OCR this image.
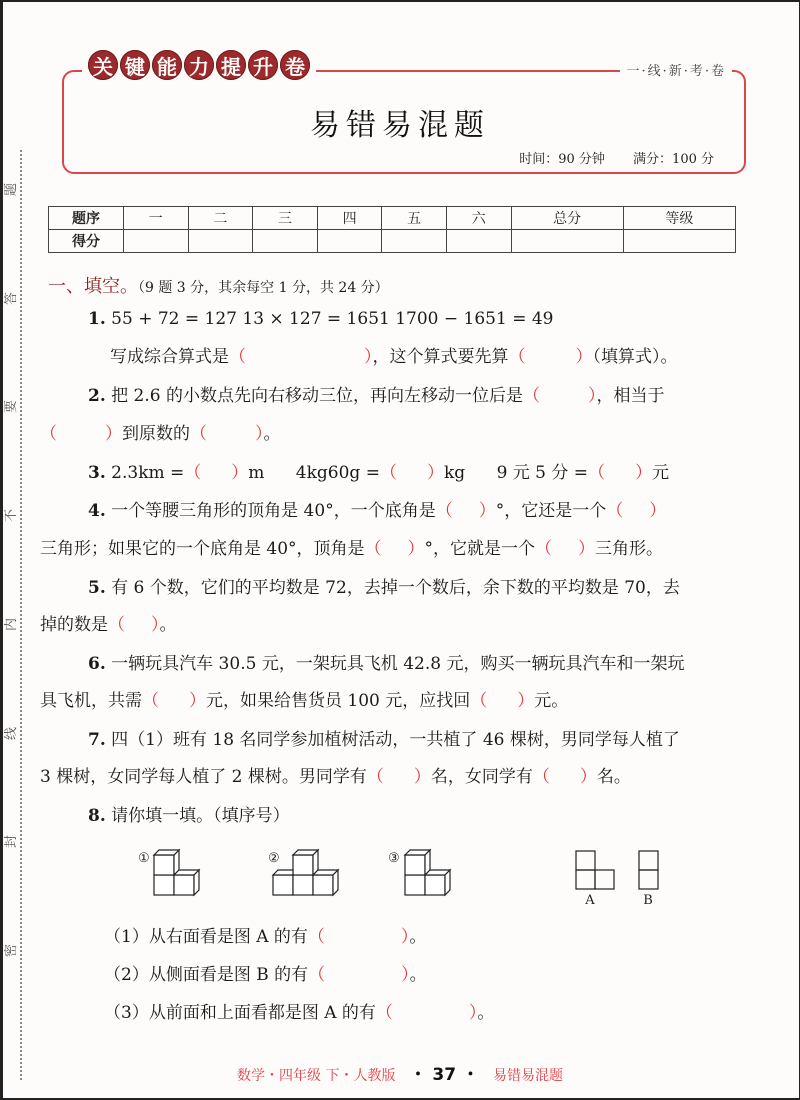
题
答
要
不
内
线
封
密
关 键 能 力 提 升 卷	一·线·新·考·卷
易错易混题
时间：90 分钟 满分：100 分
题序	一	二	三	四	五	六	总分	等级
得分								
一、填空。（9 题 3 分，其余每空 1 分，共 24 分）
1. 55 + 72 = 127 13 × 127 = 1651 1700 − 1651 = 49
写成综合算式是（	），这个算式要先算（	）（填算式）。
2. 把 2.6 的小数点先向右移动三位，再向左移动一位后是（	），相当于
（	）到原数的（	）。
3. 2.3km =（ ）m 4kg60g =（ ）kg 9 元 5 分 =（ ）元
4. 一个等腰三角形的顶角是 40°，一个底角是（ ）°，它还是一个（ ）
三角形；如果它的一个底角是 40°，顶角是（ ）°，它就是一个（ ）三角形。
5. 有 6 个数，它们的平均数是 72，去掉一个数后，余下数的平均数是 70，去
掉的数是（ ）。
6. 一辆玩具汽车 30.5 元，一架玩具飞机 42.8 元，购买一辆玩具汽车和一架玩
具飞机，共需（ ）元，如果给售货员 100 元，应找回（ ）元。
7. 四（1）班有 18 名同学参加植树活动，一共植了 46 棵树，男同学每人植了
3 棵树，女同学每人植了 2 棵树。男同学有（ ）名，女同学有（ ）名。
8. 请你填一填。（填序号）
①	②	③
A	B
（1）从右面看是图 A 的有（	）。
（2）从侧面看是图 B 的有（	）。
（3）从前面和上面看都是图 A 的有（	）。
数学・四年级 下・人教版 ・ 37 ・ 易错易混题
